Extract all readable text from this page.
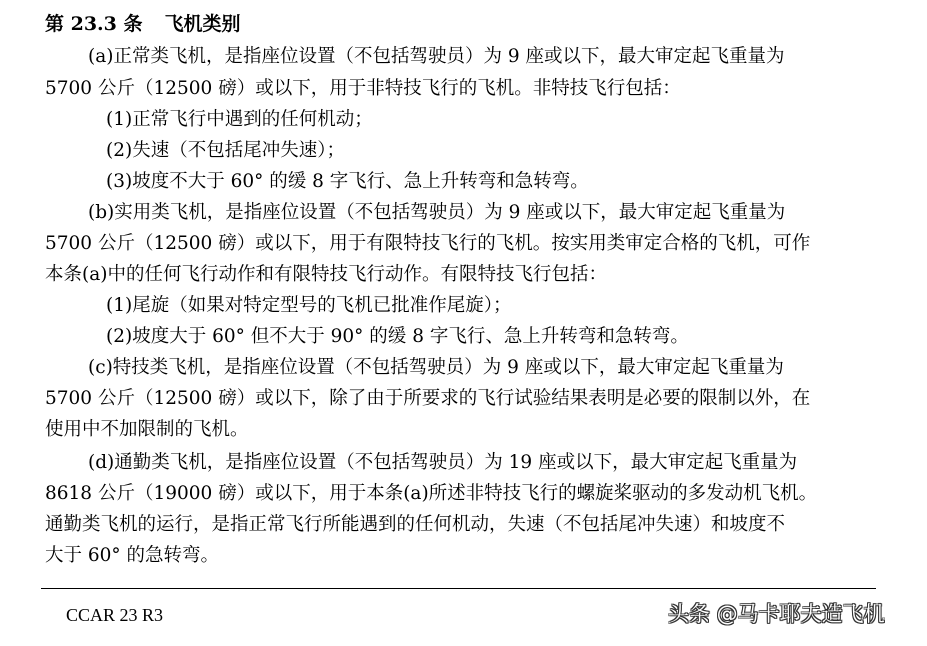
第 23.3 条 飞机类别
(a)正常类飞机，是指座位设置（不包括驾驶员）为 9 座或以下，最大审定起飞重量为
5700 公斤（12500 磅）或以下，用于非特技飞行的飞机。非特技飞行包括：
(1)正常飞行中遇到的任何机动；
(2)失速（不包括尾冲失速）；
(3)坡度不大于 60° 的缓 8 字飞行、急上升转弯和急转弯。
(b)实用类飞机，是指座位设置（不包括驾驶员）为 9 座或以下，最大审定起飞重量为
5700 公斤（12500 磅）或以下，用于有限特技飞行的飞机。按实用类审定合格的飞机，可作
本条(a)中的任何飞行动作和有限特技飞行动作。有限特技飞行包括：
(1)尾旋（如果对特定型号的飞机已批准作尾旋）；
(2)坡度大于 60° 但不大于 90° 的缓 8 字飞行、急上升转弯和急转弯。
(c)特技类飞机，是指座位设置（不包括驾驶员）为 9 座或以下，最大审定起飞重量为
5700 公斤（12500 磅）或以下，除了由于所要求的飞行试验结果表明是必要的限制以外，在
使用中不加限制的飞机。
(d)通勤类飞机，是指座位设置（不包括驾驶员）为 19 座或以下，最大审定起飞重量为
8618 公斤（19000 磅）或以下，用于本条(a)所述非特技飞行的螺旋桨驱动的多发动机飞机。
通勤类飞机的运行，是指正常飞行所能遇到的任何机动，失速（不包括尾冲失速）和坡度不
大于 60° 的急转弯。
CCAR 23 R3	头条 @马卡耶夫造飞机
